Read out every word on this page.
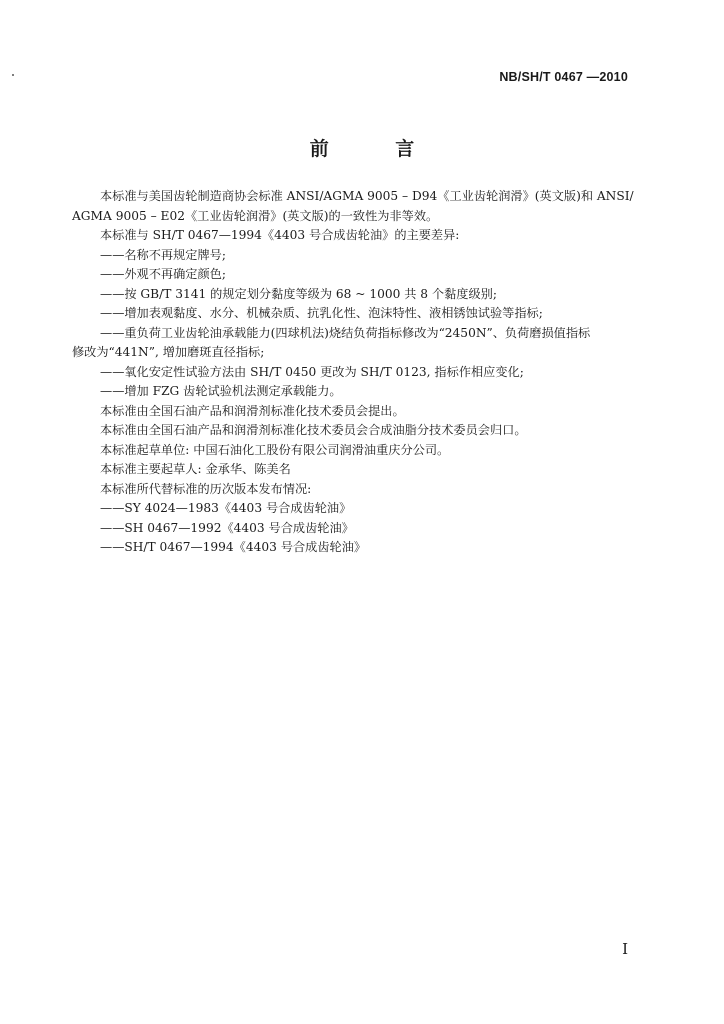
NB/SH/T 0467 —2010
前 言

本标准与美国齿轮制造商协会标准 ANSI/AGMA 9005 – D94《工业齿轮润滑》(英文版)和 ANSI/

AGMA 9005 – E02《工业齿轮润滑》(英文版)的一致性为非等效。

本标准与 SH/T 0467—1994《4403 号合成齿轮油》的主要差异:

——名称不再规定牌号;

——外观不再确定颜色;

——按 GB/T 3141 的规定划分黏度等级为 68 ~ 1000 共 8 个黏度级别;

——增加表观黏度、水分、机械杂质、抗乳化性、泡沫特性、液相锈蚀试验等指标;

——重负荷工业齿轮油承载能力(四球机法)烧结负荷指标修改为“2450N”、负荷磨损值指标

修改为“441N”, 增加磨斑直径指标;

——氧化安定性试验方法由 SH/T 0450 更改为 SH/T 0123, 指标作相应变化;

——增加 FZG 齿轮试验机法测定承载能力。

本标准由全国石油产品和润滑剂标准化技术委员会提出。

本标准由全国石油产品和润滑剂标准化技术委员会合成油脂分技术委员会归口。

本标准起草单位: 中国石油化工股份有限公司润滑油重庆分公司。

本标准主要起草人: 金承华、陈美名

本标准所代替标准的历次版本发布情况:

——SY 4024—1983《4403 号合成齿轮油》

——SH 0467—1992《4403 号合成齿轮油》

——SH/T 0467—1994《4403 号合成齿轮油》

I
